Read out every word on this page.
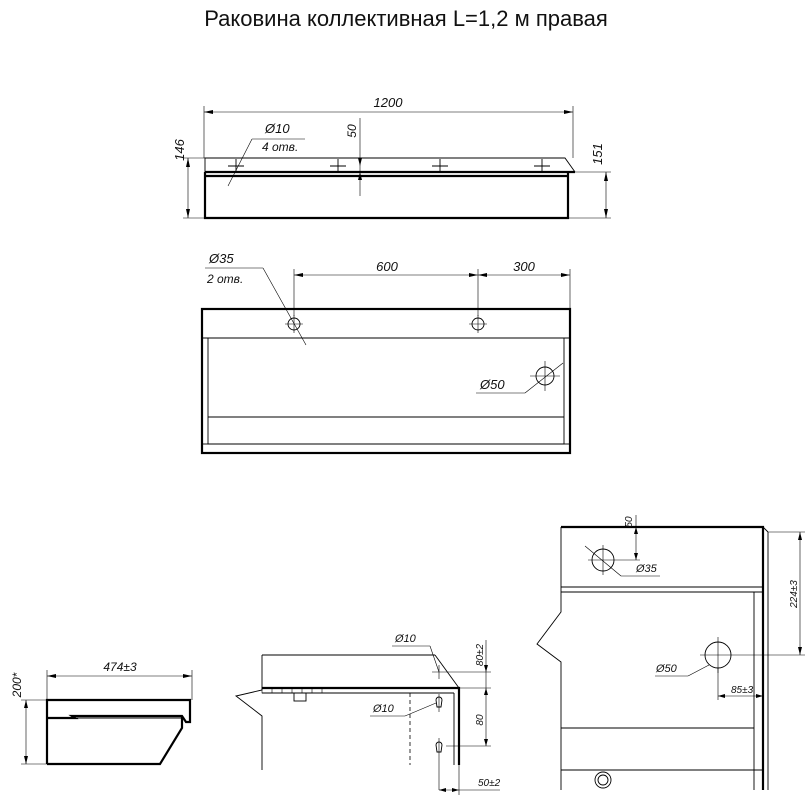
Раковина коллективная L=1,2 м правая
1200
146	151
50
Ø10
4 отв.
600	300
Ø35
2 отв.
Ø50
474±3
200*
Ø10
Ø10
80±2
80
50±2
Ø35
50
Ø50
85±3
224±3
